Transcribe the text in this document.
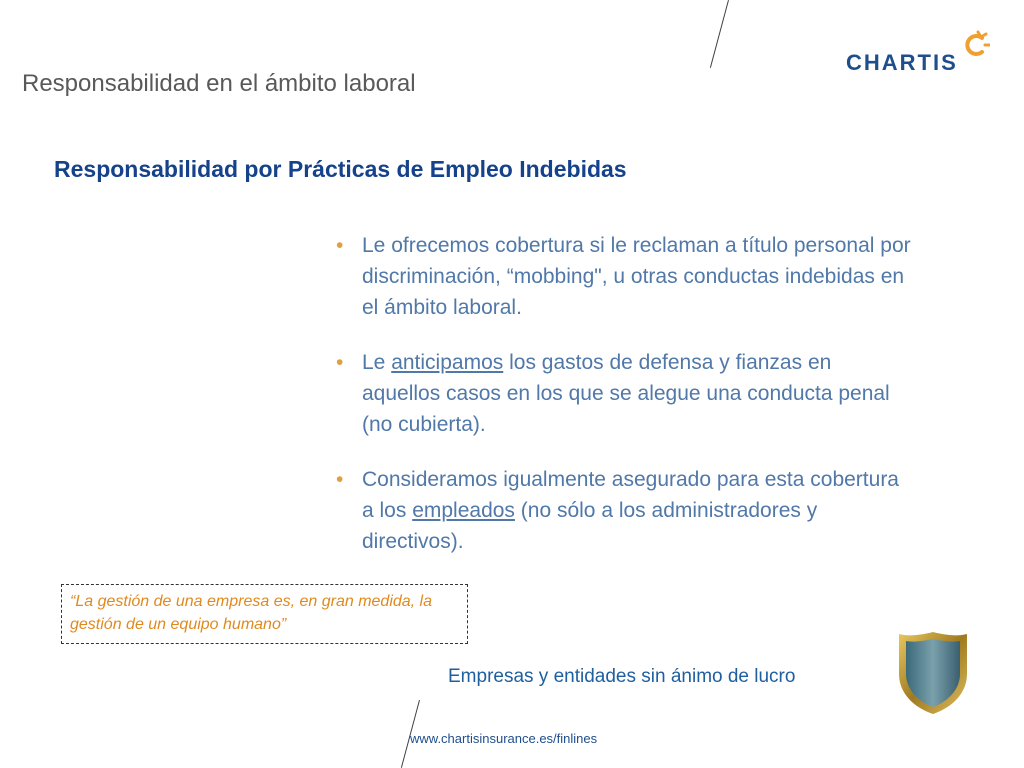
Responsabilidad en el ámbito laboral
CHARTIS
Responsabilidad por Prácticas de Empleo Indebidas
• Le ofrecemos cobertura si le reclaman a título personal por discriminación, “mobbing", u otras conductas indebidas en el ámbito laboral.
• Le anticipamos los gastos de defensa y fianzas en aquellos casos en los que se alegue una conducta penal (no cubierta).
• Consideramos igualmente asegurado para esta cobertura a los empleados (no sólo a los administradores y directivos).
“La gestión de una empresa es, en gran medida, la gestión de un equipo humano”
Empresas y entidades sin ánimo de lucro
www.chartisinsurance.es/finlines
